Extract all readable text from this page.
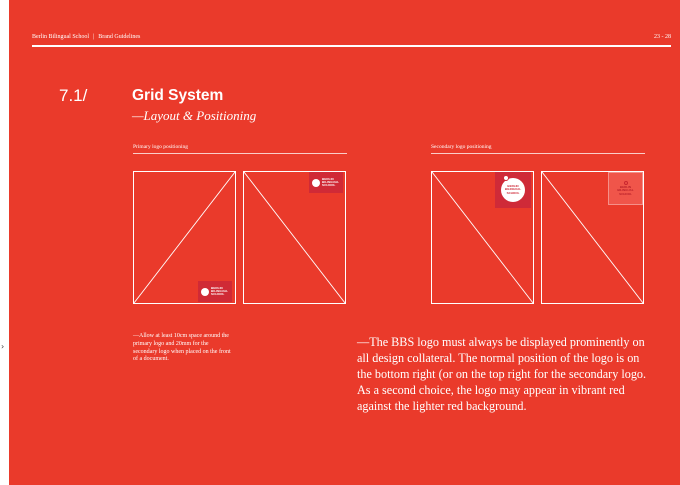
Berlin Bilingual School | Brand Guidelines	23 - 28
7.1/	Grid System
—Layout & Positioning
Primary logo positioning
BERLIN
BILINGUAL
SCHOOL
BERLIN
BILINGUAL
SCHOOL
Secondary logo positioning
BERLIN
BILINGUAL
SCHOOL
BERLIN
BILINGUAL
SCHOOL
—Allow at least 10cm space around the primary logo and 20mm for the secondary logo when placed on the front of a document.
—The BBS logo must always be displayed prominently on all design collateral. The normal position of the logo is on the bottom right (or on the top right for the secondary logo. As a second choice, the logo may appear in vibrant red against the lighter red background.
›
